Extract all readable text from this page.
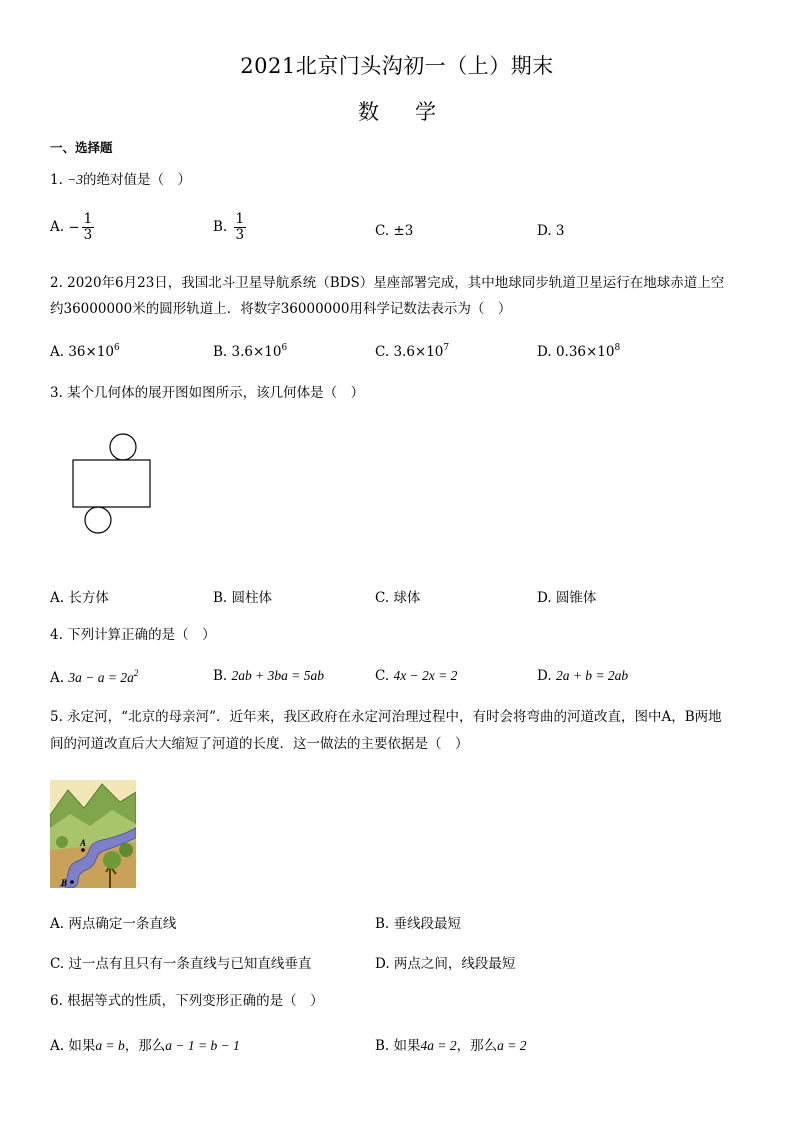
2021北京门头沟初一（上）期末
数学
一、选择题
1. −3的绝对值是（　）
A. − $\frac{1}{3}$	B. $\frac{1}{3}$	C. ±3	D. 3
2. 2020年6月23日，我国北斗卫星导航系统（BDS）星座部署完成，其中地球同步轨道卫星运行在地球赤道上空
约36000000米的圆形轨道上．将数字36000000用科学记数法表示为（　）
A. $36\times 10^6$	B. $3.6\times 10^6$	C. $3.6\times 10^7$	D. $0.36\times 10^8$
3. 某个几何体的展开图如图所示，该几何体是（　）
A. 长方体	B. 圆柱体	C. 球体	D. 圆锥体
4. 下列计算正确的是（　）
A. $3a - a = 2a^2$	B. 2ab + 3ba = 5ab	C. 4x − 2x = 2	D. 2a + b = 2ab
5. 永定河，“北京的母亲河”．近年来，我区政府在永定河治理过程中，有时会将弯曲的河道改直，图中A，B两地
间的河道改直后大大缩短了河道的长度．这一做法的主要依据是（　）
A
B
A. 两点确定一条直线	B. 垂线段最短
C. 过一点有且只有一条直线与已知直线垂直	D. 两点之间，线段最短
6. 根据等式的性质，下列变形正确的是（　）
A. 如果a = b，那么a − 1 = b − 1	B. 如果4a = 2，那么a = 2
